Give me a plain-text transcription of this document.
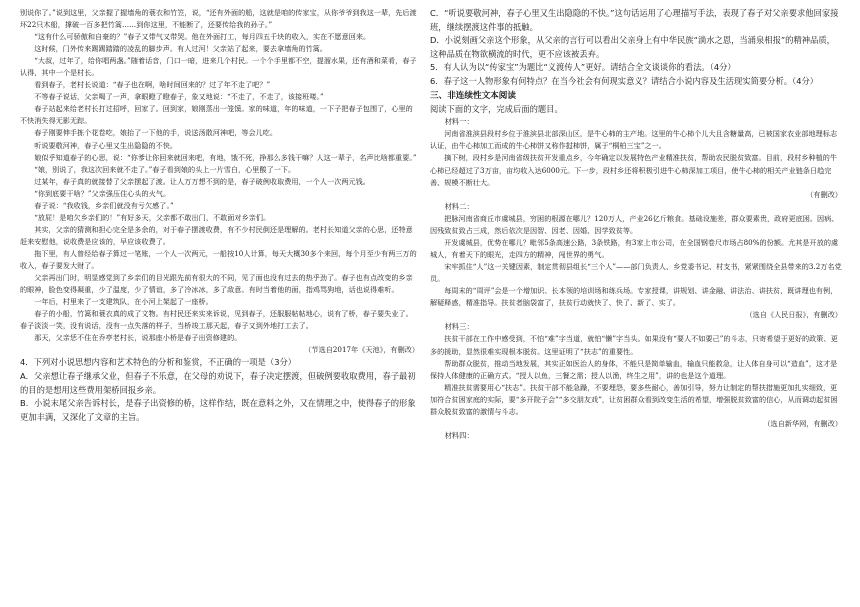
别说你了。”说到这里，父亲握了握墙角的蓑衣和竹笠，说，“还有外面的船，这就是咱的传家宝，从你爷爷到我这一辈，先后渡坏22只木船，撑破一百多把竹篙……到你这里，不能断了，还要传给我的孙子。”

“这有什么可骄傲和自豪的？”春子又带气又带哭。他在外面打工，每月四五千块的收入，实在不愿意回来。

这时候，门外传来踢踢踏踏的凌乱的脚步声。有人过河！父亲站了起来，要去拿墙角的竹篙。

“大叔，过年了，给你唱两盏。”随着话音，门口一暗，进来几个村民。一个个手里都不空，提溜水果，还有酒和菜肴，春子认得，其中一个是村长。

看到春子，老村长说道：“春子也在啊，啥时间回来的？过了年不走了吧？”

不等春子说话，父亲喝了一声，拿眼瞪了瞪春子，象又地说：“不走了，不走了，该接班喽。”

春子站起来给老村长打过招呼，回家了。回到家，娘刚蒸出一笼馍。家的味道，年的味道，一下子把春子包围了，心里的不快消失得无影无踪。

春子刚要伸手拣个花卷吃，娘抬了一下他的手，说送汤散河神吧，等会儿吃。

听说要敬河神，春子心里又生出隐隐的不快。

娘似乎知道春子的心思，说：“你爹让你回来就回来吧，有地，饿不死，挣那么多钱干嘛？人这一辈子，名声比啥都重要。”

“娘，别说了，我这次回来就不走了。”春子看到娘的头上一片雪白，心里酸了一下。

过某年，春子真的就接替了父亲摆起了渡。让人万万想不到的是，春子破例收取费用，一个人一次两元钱。

“你到底要干啥？”父亲强压住心头的火气。

春子说：“我收钱，乡亲们就没有亏欠感了。”

“放屁！是咱欠乡亲们的！”有好多天，父亲都不敢出门，不敢面对乡亲们。

其实，父亲的猜测和担心完全是多余的，对于春子摆渡收费，有不少村民倒还是理解的。老村长知道父亲的心思，还特意赶来安慰他，说收费是应该的，早应该收费了。

拖下里，有人曾经给春子算过一笔账，一个人一次两元，一船按10人计算，每天大概30多个来回，每个月至少有两三万的收入，春子要发大财了。

父亲再出门时，明显感觉到了乡亲们的目光跟先前有很大的不同，见了面也没有过去的热乎劲了。春子也有点改变的乡亲的眼神，脸色变得凝重，少了温度，少了情谊，多了冷冰冰，多了敌意。有时当着他的面，指鸡骂狗地，话也说得难听。

一年后，村里来了一支建筑队，在小河上架起了一座桥。

春子的小船，竹篙和蓑衣真的成了文物。有村民还来实来诉说，见到春子，还服服帖帖地心，说有了桥，春子要失业了。春子淡淡一笑，没有说话，没有一点失落的样子，当桥竣工那天起，春子又到外地打工去了。

那天，父亲恁不住在乔亭老村长，说那座小桥是春子出资修建的。

（节选自2017年《天池》，有删改）

4．下列对小说思想内容和艺术特色的分析和鉴赏，不正确的一项是（3分）

A．父亲想让春子继承父业，但春子不乐意，在父母的劝说下，春子决定摆渡，但破例要收取费用，春子最初的目的是想用这些费用架桥回报乡亲。

B．小说末尾父亲告诉村长，是春子出资修的桥，这样作结，既在意料之外，又在情理之中，使得春子的形象更加丰满，又深化了文章的主旨。

C．“听说要敬河神，春子心里又生出隐隐的不快。”这句话运用了心理描写手法，表现了春子对父亲要求他回家接班，继续摆渡这件事的抵触。

D．小说刻画父亲这个形象，从父亲的言行可以看出父亲身上有中华民族“淌水之恩，当涌泉相报”的精神品质，这种品质在物欲横流的时代，更不应该被丢弃。

5．有人认为以“传家宝”为题比“义渡传人”更好。请结合全文谈谈你的看法。（4分）

6．春子这一人物形象有何特点？在当今社会有何现实意义？请结合小说内容及生活现实简要分析。（4分）

三、非连续性文本阅读

阅读下面的文字，完成后面的题目。

材料一：

河南省淮滨县段村乡位于淮滨县北部深山区，是牛心柿的主产地。这里的牛心柿个儿大且含糖量高，已被国家农业部地理标志认证，由牛心柿加工而成的牛心柿饼又称作挝柿饼，属于“桐柏三宝”之一。

摘下树，段村乡是河南省级扶贫开发重点乡，今年确定以发展特色产业精准扶贫，帮助农民脱贫致富。目前，段村乡种植的牛心柿已经超过了3万亩，亩均收入达6000元。下一步，段村乡还将积极引进牛心柿深加工项目，使牛心柿的相关产业链条日趋完善、规模不断壮大。

（有删改）

材料二：

把脉河南省商丘市虞城县，穷困的根源在哪儿？120万人，产业26亿斤粮食。基础设施差，群众要素贵，政府更底困。因病、因残致贫致占三成，然后依次是因智、因老、因婚、因学致贫等。

开发虞城县，优势在哪儿？毗邻5条高速公路，3条铁路，有3家上市公司，在全国钢卷尺市场占80%的份额。尤其是开放的虞城人，有着天下的眼光，走四方的精神，闯世界的勇气。

宋牢抓住“人”这一关键因素，制定贯彻县组长“三个人”——部门负责人、乡党委书记、村支书，紧紧围绕全县带来的3.2万名党员。

每周末的“周评”会是一个增加识、长本领的培训场和练兵场。专家授课，讲规划、讲金融、讲法治、讲扶贫，既讲理也有例，解疑释惑，精准指导。扶贫者脑袋富了，扶贫行动就快了、快了、新了、实了。

（选自《人民日报》，有删改）

材料三：

扶贫干部在工作中感受到，不怕“难”字当道，就怕“懒”字当头。如果没有“要人不如要己”的斗志，只寄希望于更好的政策、更多的援助，显然很难实现根本脱贫。这里证明了“扶志”的重要性。

帮助群众脱贫，推动当地发展，其实正如医治人的身体，不能只是简单输血，输血只能救急，让人体自身可以“造血”，这才是保持人体健康的正确方式。“授人以鱼，三餐之需；授人以渔，终生之用”，讲的也是这个道理。

精准扶贫需要用心“扶志”。扶贫干部不能急躁，不要埋怨，要多些耐心，善加引导，努力让制定的帮扶措施更加扎实细致，更加符合贫困家庭的实际，要“多开院子会”“多交朋友戏”，让贫困群众看到改变生活的希望，增强脱贫致富的信心，从而调动起贫困群众脱贫致富的激情与斗志。

（选自新华网，有删改）

材料四：
